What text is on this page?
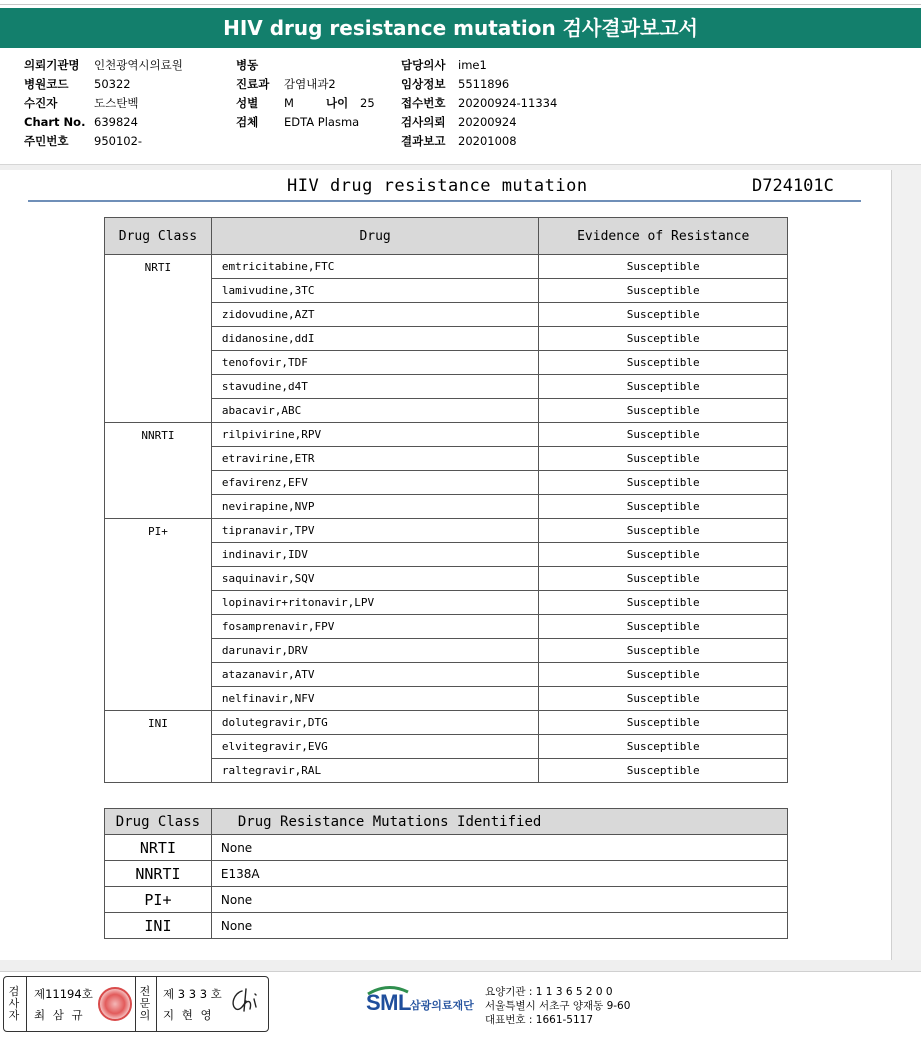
HIV drug resistance mutation 검사결과보고서
의뢰기관명 인천광역시의료원
병원코드 50322
수진자	도스탄벡
Chart No. 639824
주민번호 950102-
병동
진료과 감염내과2
성별 M	나이 25
검체 EDTA Plasma
담당의사 ime1
임상정보 5511896
접수번호 20200924-11334
검사의뢰 20200924
결과보고 20201008
HIV drug resistance mutation	D724101C
Drug Class	Drug	Evidence of Resistance
NRTI	emtricitabine,FTC	Susceptible
	lamivudine,3TC	Susceptible
	zidovudine,AZT	Susceptible
	didanosine,ddI	Susceptible
	tenofovir,TDF	Susceptible
	stavudine,d4T	Susceptible
	abacavir,ABC	Susceptible
NNRTI	rilpivirine,RPV	Susceptible
	etravirine,ETR	Susceptible
	efavirenz,EFV	Susceptible
	nevirapine,NVP	Susceptible
PI+	tipranavir,TPV	Susceptible
	indinavir,IDV	Susceptible
	saquinavir,SQV	Susceptible
	lopinavir+ritonavir,LPV	Susceptible
	fosamprenavir,FPV	Susceptible
	darunavir,DRV	Susceptible
	atazanavir,ATV	Susceptible
	nelfinavir,NFV	Susceptible
INI	dolutegravir,DTG	Susceptible
	elvitegravir,EVG	Susceptible
	raltegravir,RAL	Susceptible
Drug Class	Drug Resistance Mutations Identified
NRTI	None
NNRTI	E138A
PI+	None
INI	None
검
사
자
제11194호
최 삼 규
전
문
의
제 3 3 3 호
지 현 영	SML 삼광의료재단
요양기관 : 1 1 3 6 5 2 0 0
서울특별시 서초구 양재동 9-60
대표번호 : 1661-5117
